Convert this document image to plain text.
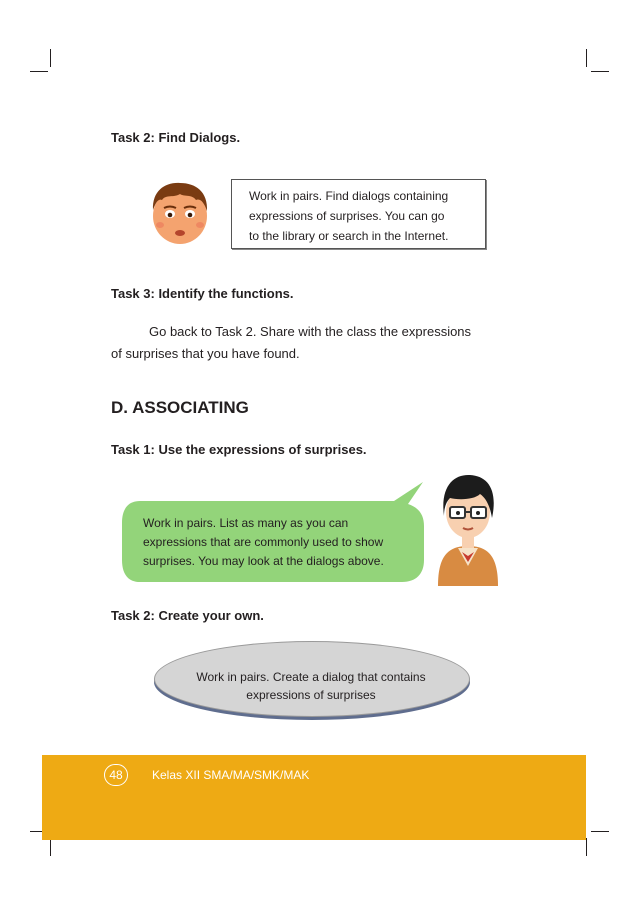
Task 2: Find Dialogs.
Work in pairs. Find dialogs containing
expressions of surprises. You can go
to the library or search in the Internet.
Task 3: Identify the functions.
Go back to Task 2. Share with the class the expressions
of surprises that you have found.
D. ASSOCIATING
Task 1: Use the expressions of surprises.
Work in pairs. List as many as you can
expressions that are commonly used to show
surprises. You may look at the dialogs above.
Task 2: Create your own.
Work in pairs. Create a dialog that contains
expressions of surprises
48	Kelas XII SMA/MA/SMK/MAK
